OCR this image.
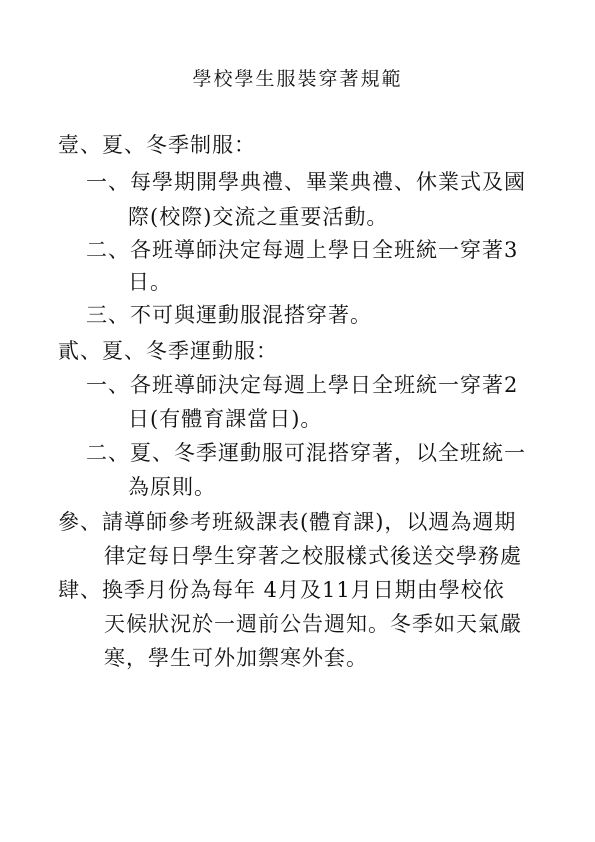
學校學生服裝穿著規範
壹、夏、冬季制服：
一、每學期開學典禮、畢業典禮、休業式及國
際(校際)交流之重要活動。
二、各班導師決定每週上學日全班統一穿著3
日。
三、不可與運動服混搭穿著。
貳、夏、冬季運動服：
一、各班導師決定每週上學日全班統一穿著2
日(有體育課當日)。
二、夏、冬季運動服可混搭穿著，以全班統一
為原則。
參、請導師參考班級課表(體育課)，以週為週期
律定每日學生穿著之校服樣式後送交學務處
肆、換季月份為每年 4月及11月日期由學校依
天候狀況於一週前公告週知。冬季如天氣嚴
寒，學生可外加禦寒外套。
